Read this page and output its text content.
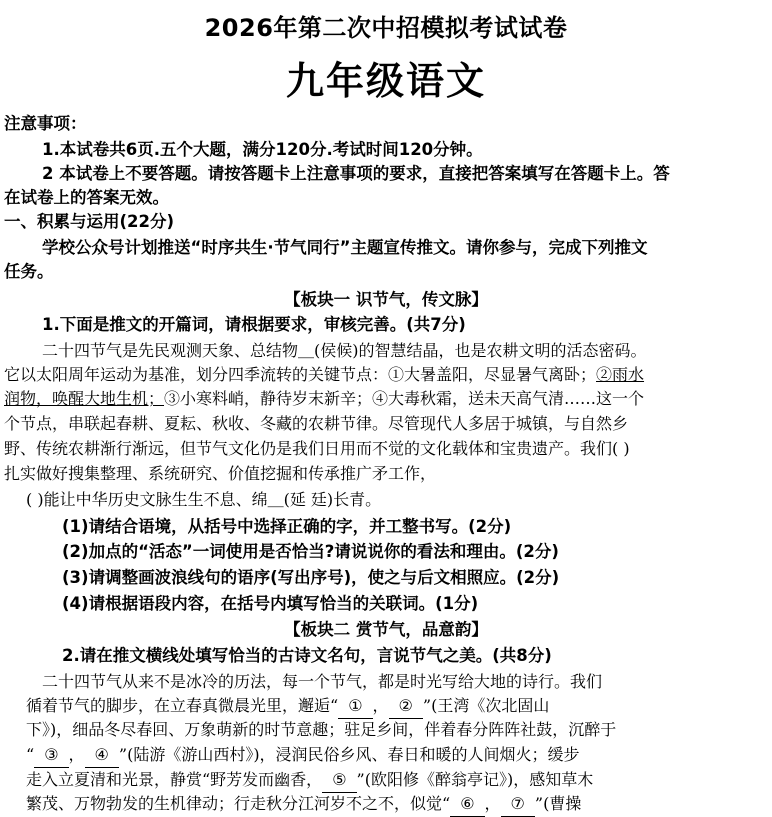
2026年第二次中招模拟考试试卷
九年级语文
注意事项：
1.本试卷共6页.五个大题，满分120分.考试时间120分钟。
2 本试卷上不要答题。请按答题卡上注意事项的要求，直接把答案填写在答题卡上。答
在试卷上的答案无效。
一、积累与运用(22分)
学校公众号计划推送“时序共生·节气同行”主题宣传推文。请你参与，完成下列推文
任务。
【板块一 识节气，传文脉】
1.下面是推文的开篇词，请根据要求，审核完善。(共7分)
二十四节气是先民观测天象、总结物＿(侯候)的智慧结晶，也是农耕文明的活态密码。
它以太阳周年运动为基准，划分四季流转的关键节点：①大暑盖阳，尽显暑气离卧；②雨水
润物，唤醒大地生机；③小寒料峭，静待岁末新辛；④大毒秋霜，送未天高气清……这一个
个节点，串联起春耕、夏耘、秋收、冬藏的农耕节律。尽管现代人多居于城镇，与自然乡
野、传统农耕渐行渐远，但节气文化仍是我们日用而不觉的文化载体和宝贵遗产。我们( )
扎实做好搜集整理、系统研究、价值挖掘和传承推广矛工作，
( )能让中华历史文脉生生不息、绵＿(延 廷)长青。
(1)请结合语境，从括号中选择正确的字，并工整书写。(2分)
(2)加点的“活态”一词使用是否恰当?请说说你的看法和理由。(2分)
(3)请调整画波浪线句的语序(写出序号)，使之与后文相照应。(2分)
(4)请根据语段内容，在括号内填写恰当的关联词。(1分)
【板块二 赏节气，品意韵】
2.请在推文横线处填写恰当的古诗文名句，言说节气之美。(共8分)
二十四节气从来不是冰冷的历法，每一个节气，都是时光写给大地的诗行。我们
循着节气的脚步，在立春真微晨光里，邂逅“ ① ， ② ”(王湾《次北固山
下》)，细品冬尽春回、万象萌新的时节意趣；驻足乡间，伴着春分阵阵社鼓，沉醉于
“ ③ ， ④ ”(陆游《游山西村》)，浸润民俗乡风、春日和暖的人间烟火；缓步
走入立夏清和光景，静赏“野芳发而幽香， ⑤ ”(欧阳修《醉翁亭记》)，感知草木
繁茂、万物勃发的生机律动；行走秋分江河岁不之不，似觉“ ⑥ ， ⑦ ”(曹操
